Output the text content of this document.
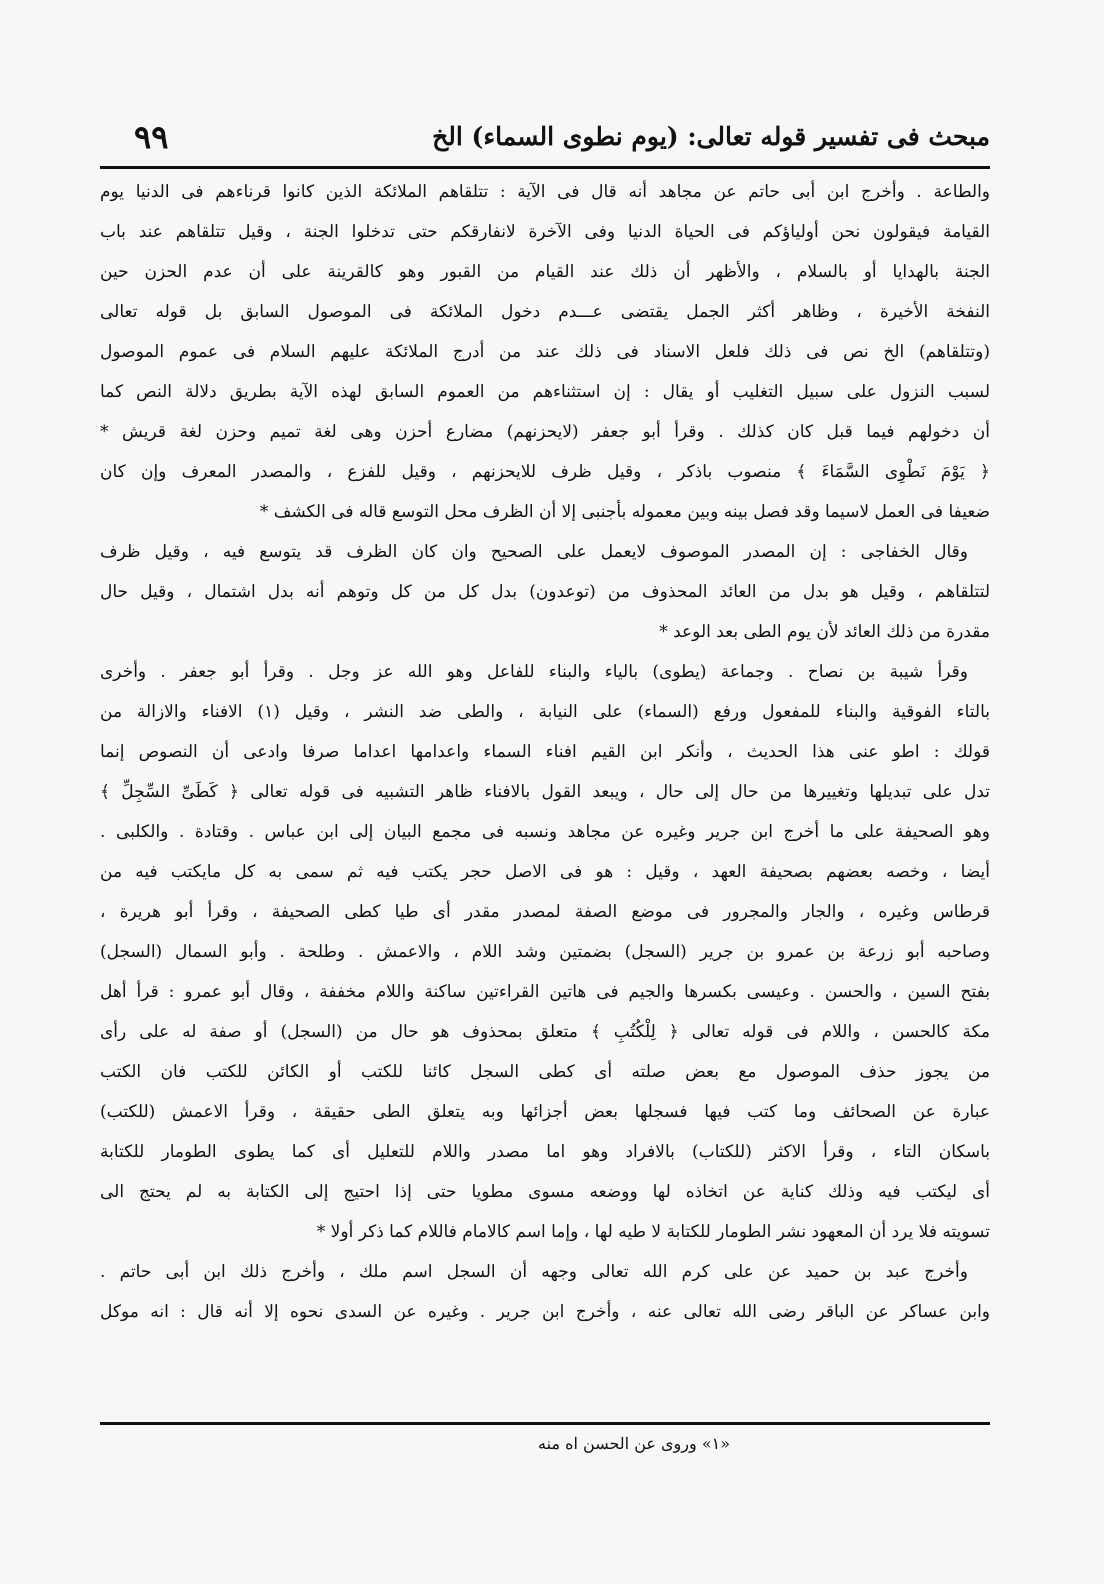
مبحث فى تفسير قوله تعالى: (يوم نطوى السماء) الخ
٩٩
والطاعة . وأخرج ابن أبى حاتم عن مجاهد أنه قال فى الآية : تتلقاهم الملائكة الذين كانوا قرناءهم فى الدنيا يوم
القيامة فيقولون نحن أولياؤكم فى الحياة الدنيا وفى الآخرة لانفارقكم حتى تدخلوا الجنة ، وقيل تتلقاهم عند باب
الجنة بالهدايا أو بالسلام ، والأظهر أن ذلك عند القيام من القبور وهو كالقرينة على أن عدم الحزن حين
النفخة الأخيرة ، وظاهر أكثر الجمل يقتضى عـــدم دخول الملائكة فى الموصول السابق بل قوله تعالى
(وتتلقاهم) الخ نص فى ذلك فلعل الاسناد فى ذلك عند من أدرج الملائكة عليهم السلام فى عموم الموصول
لسبب النزول على سبيل التغليب أو يقال : إن استثناءهم من العموم السابق لهذه الآية بطريق دلالة النص كما
أن دخولهم فيما قبل كان كذلك . وقرأ أبو جعفر (لايحزنهم) مضارع أحزن وهى لغة تميم وحزن لغة قريش *
﴿ يَوْمَ نَطْوِى السَّمَاءَ ﴾ منصوب باذكر ، وقيل ظرف للايحزنهم ، وقيل للفزع ، والمصدر المعرف وإن كان
ضعيفا فى العمل لاسيما وقد فصل بينه وبين معموله بأجنبى إلا أن الظرف محل التوسع قاله فى الكشف *
وقال الخفاجى : إن المصدر الموصوف لايعمل على الصحيح وان كان الظرف قد يتوسع فيه ، وقيل ظرف
لتتلقاهم ، وقيل هو بدل من العائد المحذوف من (توعدون) بدل كل من كل وتوهم أنه بدل اشتمال ، وقيل حال
مقدرة من ذلك العائد لأن يوم الطى بعد الوعد *
وقرأ شيبة بن نصاح . وجماعة (يطوى) بالياء والبناء للفاعل وهو الله عز وجل . وقرأ أبو جعفر . وأخرى
بالتاء الفوقية والبناء للمفعول ورفع (السماء) على النيابة ، والطى ضد النشر ، وقيل (١) الافناء والازالة من
قولك : اطو عنى هذا الحديث ، وأنكر ابن القيم افناء السماء واعدامها اعداما صرفا وادعى أن النصوص إنما
تدل على تبديلها وتغييرها من حال إلى حال ، ويبعد القول بالافناء ظاهر التشبيه فى قوله تعالى ﴿ كَطَىِّ السِّجِلِّ ﴾
وهو الصحيفة على ما أخرج ابن جرير وغيره عن مجاهد ونسبه فى مجمع البيان إلى ابن عباس . وقتادة . والكلبى .
أيضا ، وخصه بعضهم بصحيفة العهد ، وقيل : هو فى الاصل حجر يكتب فيه ثم سمى به كل مايكتب فيه من
قرطاس وغيره ، والجار والمجرور فى موضع الصفة لمصدر مقدر أى طيا كطى الصحيفة ، وقرأ أبو هريرة ،
وصاحبه أبو زرعة بن عمرو بن جرير (السجل) بضمتين وشد اللام ، والاعمش . وطلحة . وأبو السمال (السجل)
بفتح السين ، والحسن . وعيسى بكسرها والجيم فى هاتين القراءتين ساكنة واللام مخففة ، وقال أبو عمرو : قرأ أهل
مكة كالحسن ، واللام فى قوله تعالى ﴿ لِلْكُتُبِ ﴾ متعلق بمحذوف هو حال من (السجل) أو صفة له على رأى
من يجوز حذف الموصول مع بعض صلته أى كطى السجل كائنا للكتب أو الكائن للكتب فان الكتب
عبارة عن الصحائف وما كتب فيها فسجلها بعض أجزائها وبه يتعلق الطى حقيقة ، وقرأ الاعمش (للكتب)
باسكان التاء ، وقرأ الاكثر (للكتاب) بالافراد وهو اما مصدر واللام للتعليل أى كما يطوى الطومار للكتابة
أى ليكتب فيه وذلك كناية عن اتخاذه لها ووضعه مسوى مطويا حتى إذا احتيج إلى الكتابة به لم يحتج الى
تسويته فلا يرد أن المعهود نشر الطومار للكتابة لا طيه لها ، وإما اسم كالامام فاللام كما ذكر أولا *
وأخرج عبد بن حميد عن على كرم الله تعالى وجهه أن السجل اسم ملك ، وأخرج ذلك ابن أبى حاتم .
وابن عساكر عن الباقر رضى الله تعالى عنه ، وأخرج ابن جرير . وغيره عن السدى نحوه إلا أنه قال : انه موكل
«١» وروى عن الحسن اه منه
